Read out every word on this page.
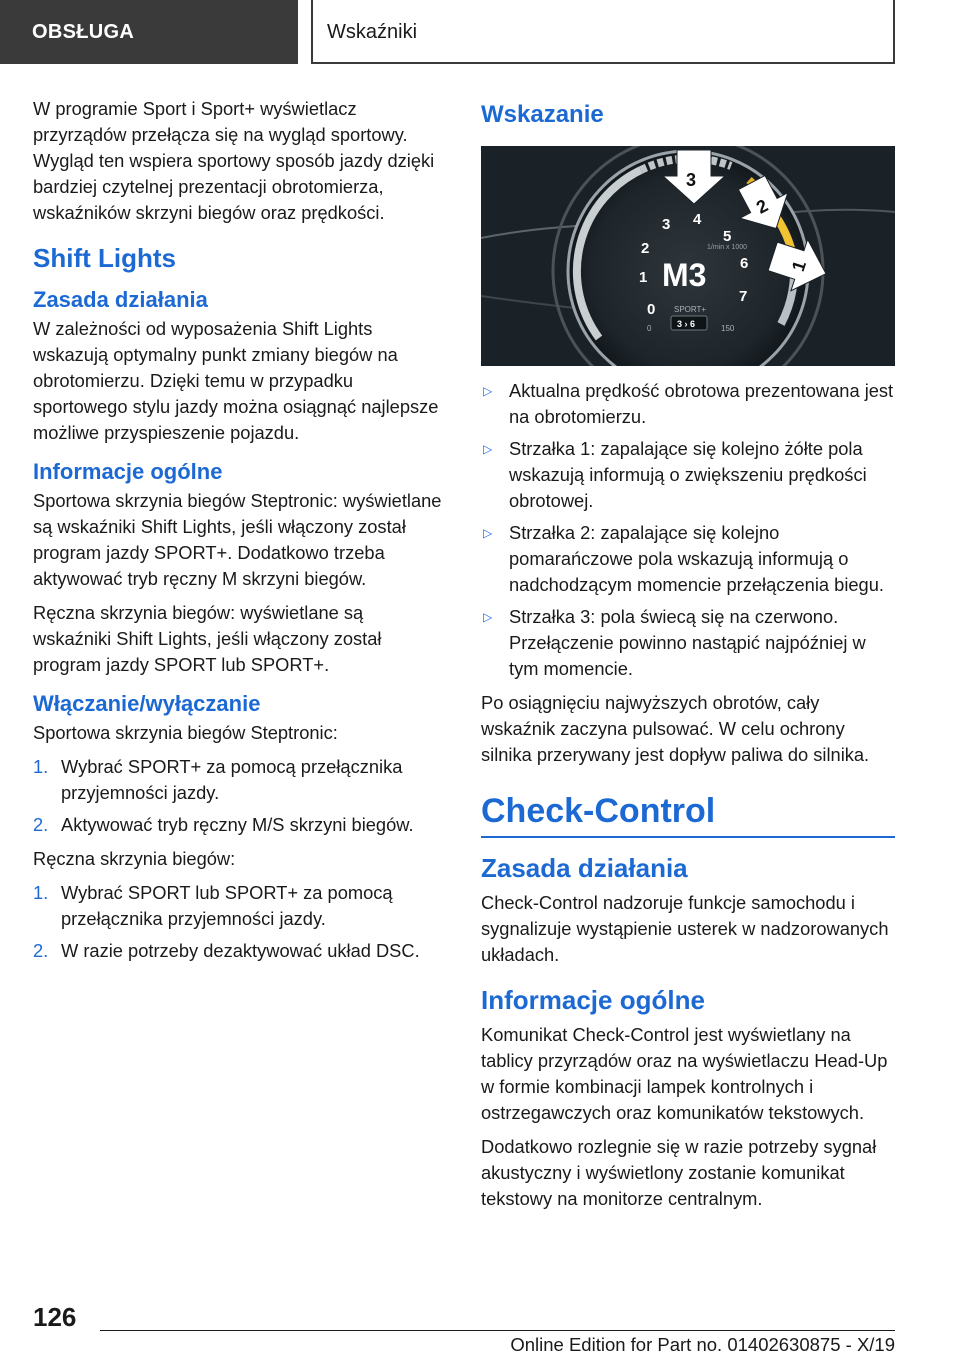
OBSŁUGA	Wskaźniki

W programie Sport i Sport+ wyświetlacz przyrządów przełącza się na wygląd sportowy. Wygląd ten wspiera sportowy sposób jazdy dzięki bardziej czytelnej prezentacji obrotomierza, wskaźników skrzyni biegów oraz prędkości.

Shift Lights
Zasada działania

W zależności od wyposażenia Shift Lights wskazują optymalny punkt zmiany biegów na obrotomierzu. Dzięki temu w przypadku sportowego stylu jazdy można osiągnąć najlepsze możliwe przyspieszenie pojazdu.

Informacje ogólne

Sportowa skrzynia biegów Steptronic: wyświetlane są wskaźniki Shift Lights, jeśli włączony został program jazdy SPORT+. Dodatkowo trzeba aktywować tryb ręczny M skrzyni biegów.

Ręczna skrzynia biegów: wyświetlane są wskaźniki Shift Lights, jeśli włączony został program jazdy SPORT lub SPORT+.

Włączanie/wyłączanie

Sportowa skrzynia biegów Steptronic:

1. Wybrać SPORT+ za pomocą przełącznika przyjemności jazdy.
2. Aktywować tryb ręczny M/S skrzyni biegów.

Ręczna skrzynia biegów:

1. Wybrać SPORT lub SPORT+ za pomocą przełącznika przyjemności jazdy.
2. W razie potrzeby dezaktywować układ DSC.
Wskazanie
0
1
2
3 4
5
6
7
1/min x 1000
M3
SPORT+
3 › 6
0	150
3
2
1
▷ Aktualna prędkość obrotowa prezentowana jest na obrotomierzu.
▷ Strzałka 1: zapalające się kolejno żółte pola wskazują informują o zwiększeniu prędkości obrotowej.
▷ Strzałka 2: zapalające się kolejno pomarańczowe pola wskazują informują o nadchodzącym momencie przełączenia biegu.
▷ Strzałka 3: pola świecą się na czerwono. Przełączenie powinno nastąpić najpóźniej w tym momencie.

Po osiągnięciu najwyższych obrotów, cały wskaźnik zaczyna pulsować. W celu ochrony silnika przerywany jest dopływ paliwa do silnika.

Check-Control
Zasada działania

Check-Control nadzoruje funkcje samochodu i sygnalizuje wystąpienie usterek w nadzorowanych układach.

Informacje ogólne

Komunikat Check-Control jest wyświetlany na tablicy przyrządów oraz na wyświetlaczu Head-Up w formie kombinacji lampek kontrolnych i ostrzegawczych oraz komunikatów tekstowych.

Dodatkowo rozlegnie się w razie potrzeby sygnał akustyczny i wyświetlony zostanie komunikat tekstowy na monitorze centralnym.

126
Online Edition for Part no. 01402630875 - X/19
